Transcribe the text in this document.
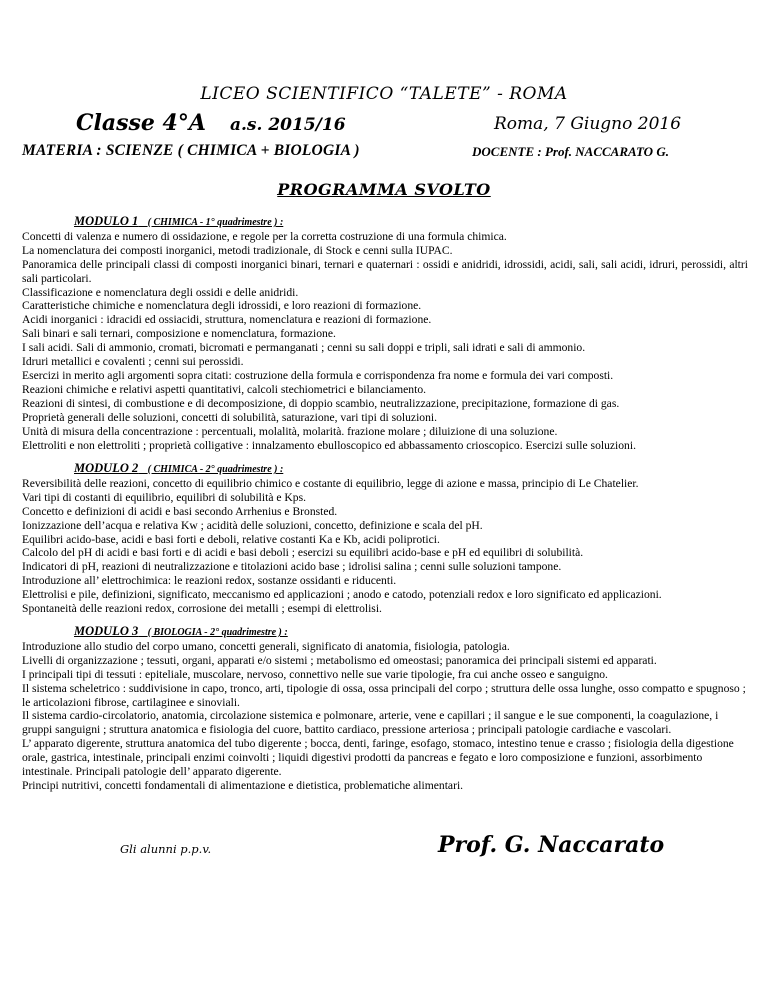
LICEO SCIENTIFICO “TALETE” - ROMA
Classe 4°A a.s. 2015/16	Roma, 7 Giugno 2016
MATERIA : SCIENZE ( CHIMICA + BIOLOGIA )	DOCENTE : Prof. NACCARATO G.
PROGRAMMA SVOLTO
MODULO 1 ( CHIMICA - 1° quadrimestre ) :

Concetti di valenza e numero di ossidazione, e regole per la corretta costruzione di una formula chimica.

La nomenclatura dei composti inorganici, metodi tradizionale, di Stock e cenni sulla IUPAC.

Panoramica delle principali classi di composti inorganici binari, ternari e quaternari : ossidi e anidridi, idrossidi, acidi, sali, sali acidi, idruri, perossidi, altri sali particolari.

Classificazione e nomenclatura degli ossidi e delle anidridi.

Caratteristiche chimiche e nomenclatura degli idrossidi, e loro reazioni di formazione.

Acidi inorganici : idracidi ed ossiacidi, struttura, nomenclatura e reazioni di formazione.

Sali binari e sali ternari, composizione e nomenclatura, formazione.

I sali acidi. Sali di ammonio, cromati, bicromati e permanganati ; cenni su sali doppi e tripli, sali idrati e sali di ammonio.

Idruri metallici e covalenti ; cenni sui perossidi.

Esercizi in merito agli argomenti sopra citati: costruzione della formula e corrispondenza fra nome e formula dei vari composti.

Reazioni chimiche e relativi aspetti quantitativi, calcoli stechiometrici e bilanciamento.

Reazioni di sintesi, di combustione e di decomposizione, di doppio scambio, neutralizzazione, precipitazione, formazione di gas.

Proprietà generali delle soluzioni, concetti di solubilità, saturazione, vari tipi di soluzioni.

Unità di misura della concentrazione : percentuali, molalità, molarità. frazione molare ; diluizione di una soluzione.

Elettroliti e non elettroliti ; proprietà colligative : innalzamento ebulloscopico ed abbassamento crioscopico. Esercizi sulle soluzioni.

MODULO 2 ( CHIMICA - 2° quadrimestre ) :

Reversibilità delle reazioni, concetto di equilibrio chimico e costante di equilibrio, legge di azione e massa, principio di Le Chatelier.

Vari tipi di costanti di equilibrio, equilibri di solubilità e Kps.

Concetto e definizioni di acidi e basi secondo Arrhenius e Bronsted.

Ionizzazione dell’acqua e relativa Kw ; acidità delle soluzioni, concetto, definizione e scala del pH.

Equilibri acido-base, acidi e basi forti e deboli, relative costanti Ka e Kb, acidi poliprotici.

Calcolo del pH di acidi e basi forti e di acidi e basi deboli ; esercizi su equilibri acido-base e pH ed equilibri di solubilità.

Indicatori di pH, reazioni di neutralizzazione e titolazioni acido base ; idrolisi salina ; cenni sulle soluzioni tampone.

Introduzione all’ elettrochimica: le reazioni redox, sostanze ossidanti e riducenti.

Elettrolisi e pile, definizioni, significato, meccanismo ed applicazioni ; anodo e catodo, potenziali redox e loro significato ed applicazioni.

Spontaneità delle reazioni redox, corrosione dei metalli ; esempi di elettrolisi.

MODULO 3 ( BIOLOGIA - 2° quadrimestre ) :

Introduzione allo studio del corpo umano, concetti generali, significato di anatomia, fisiologia, patologia.

Livelli di organizzazione ; tessuti, organi, apparati e/o sistemi ; metabolismo ed omeostasi; panoramica dei principali sistemi ed apparati.

I principali tipi di tessuti : epiteliale, muscolare, nervoso, connettivo nelle sue varie tipologie, fra cui anche osseo e sanguigno.

Il sistema scheletrico : suddivisione in capo, tronco, arti, tipologie di ossa, ossa principali del corpo ; struttura delle ossa lunghe, osso compatto e spugnoso ; le articolazioni fibrose, cartilaginee e sinoviali.

Il sistema cardio-circolatorio, anatomia, circolazione sistemica e polmonare, arterie, vene e capillari ; il sangue e le sue componenti, la coagulazione, i gruppi sanguigni ; struttura anatomica e fisiologia del cuore, battito cardiaco, pressione arteriosa ; principali patologie cardiache e vascolari.

L’ apparato digerente, struttura anatomica del tubo digerente ; bocca, denti, faringe, esofago, stomaco, intestino tenue e crasso ; fisiologia della digestione orale, gastrica, intestinale, principali enzimi coinvolti ; liquidi digestivi prodotti da pancreas e fegato e loro composizione e funzioni, assorbimento intestinale. Principali patologie dell’ apparato digerente.

Principi nutritivi, concetti fondamentali di alimentazione e dietistica, problematiche alimentari.

Gli alunni p.p.v.	Prof. G. Naccarato
